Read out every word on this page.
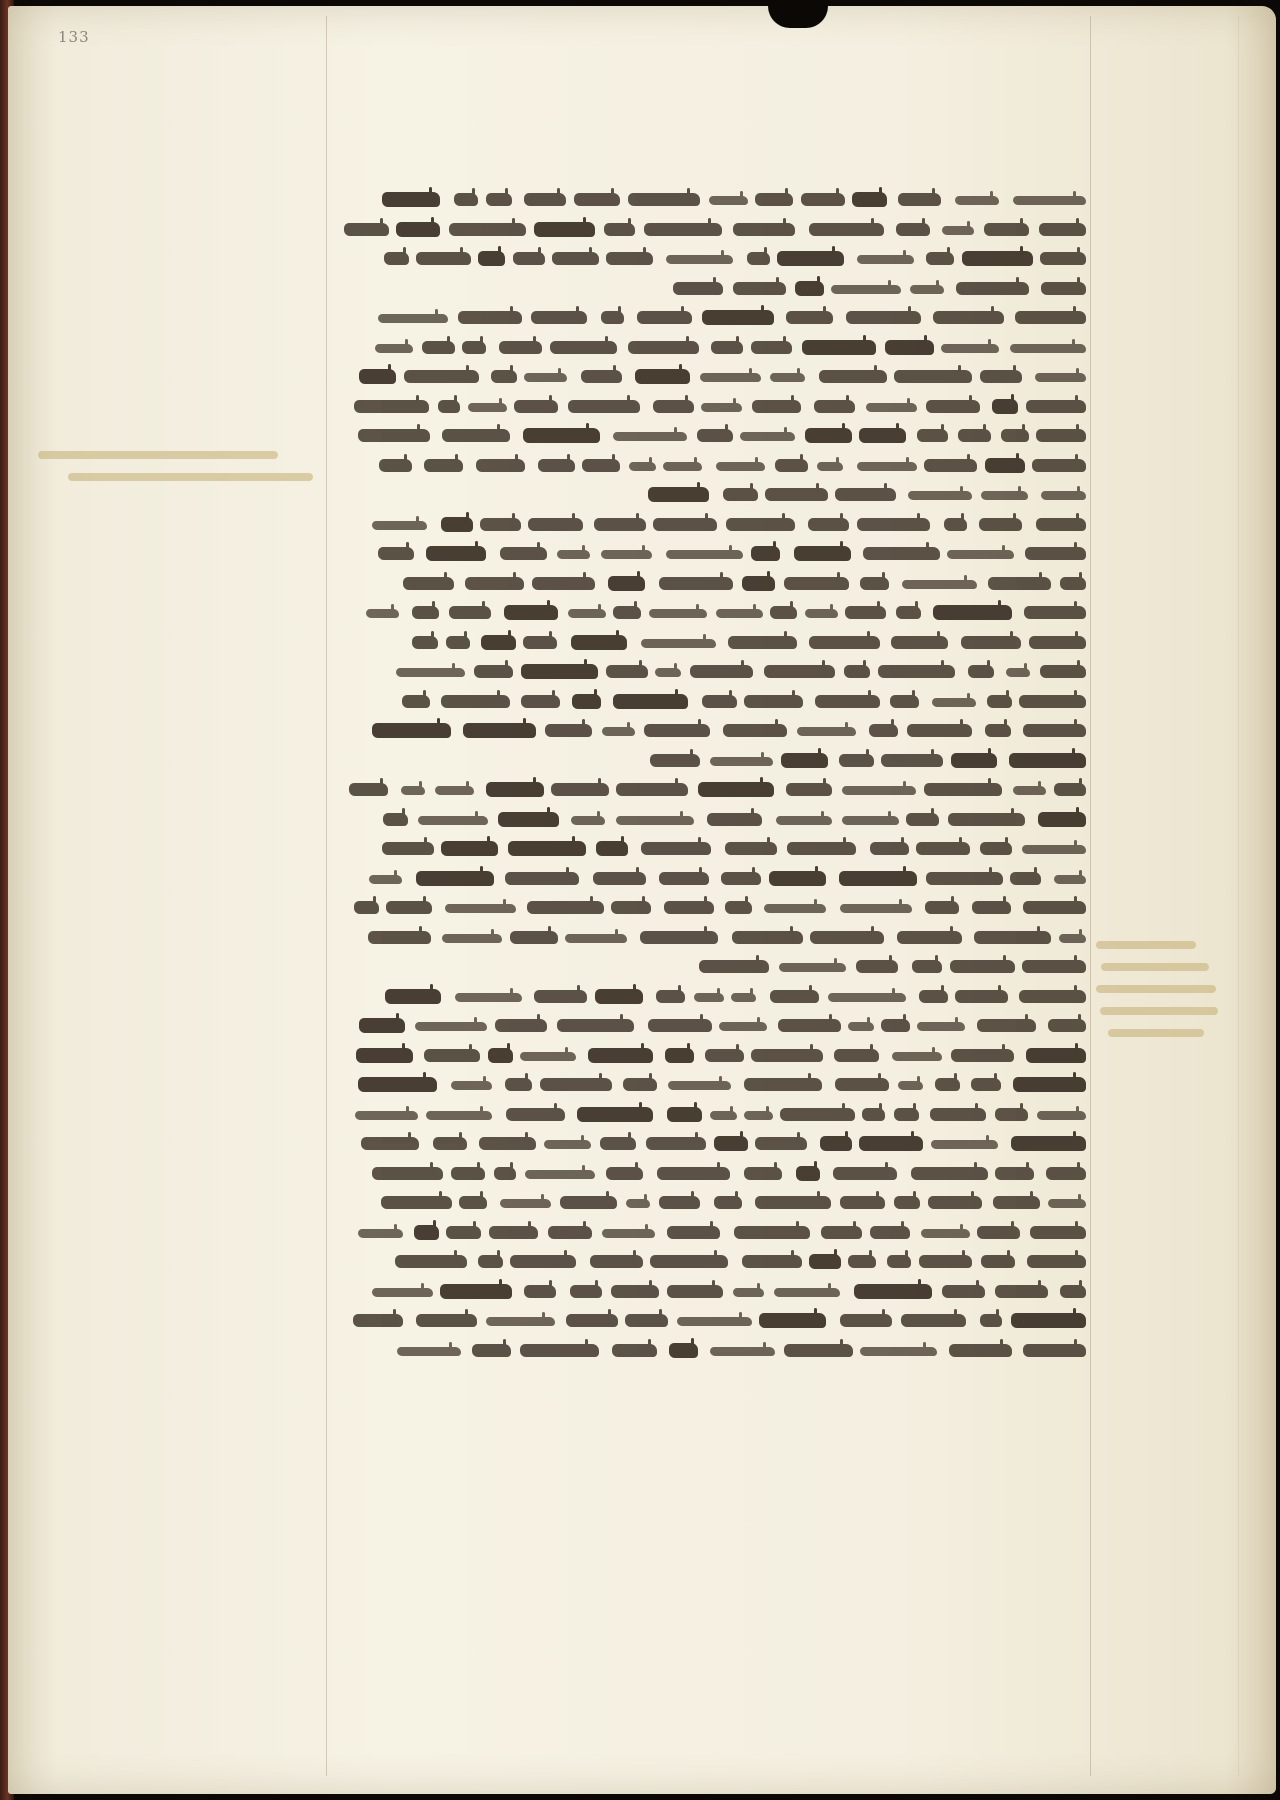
133
